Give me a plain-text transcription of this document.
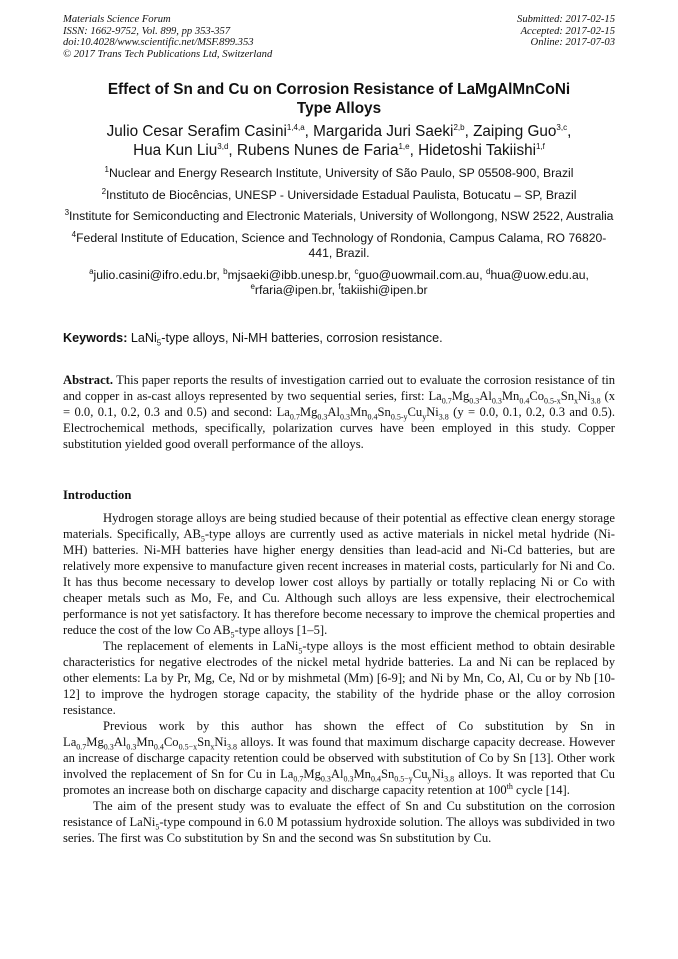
Materials Science Forum
ISSN: 1662-9752, Vol. 899, pp 353-357
doi:10.4028/www.scientific.net/MSF.899.353
© 2017 Trans Tech Publications Ltd, Switzerland
Submitted: 2017-02-15
Accepted: 2017-02-15
Online: 2017-07-03
Effect of Sn and Cu on Corrosion Resistance of LaMgAlMnCoNi
Type Alloys
Julio Cesar Serafim Casini$^{1,4,a}$, Margarida Juri Saeki$^{2,b}$, Zaiping Guo$^{3,c}$,
Hua Kun Liu$^{3,d}$, Rubens Nunes de Faria$^{1,e}$, Hidetoshi Takiishi$^{1,f}$

$^1$Nuclear and Energy Research Institute, University of São Paulo, SP 05508-900, Brazil

$^2$Instituto de Biocências, UNESP - Universidade Estadual Paulista, Botucatu – SP, Brazil

$^3$Institute for Semiconducting and Electronic Materials, University of Wollongong, NSW 2522, Australia

$^4$Federal Institute of Education, Science and Technology of Rondonia, Campus Calama, RO 76820-441, Brazil.

$^a$julio.casini@ifro.edu.br, $^b$mjsaeki@ibb.unesp.br, $^c$guo@uowmail.com.au, $^d$hua@uow.edu.au,
$^e$rfaria@ipen.br, $^f$takiishi@ipen.br

Keywords: LaNi$_5$-type alloys, Ni-MH batteries, corrosion resistance.

Abstract. This paper reports the results of investigation carried out to evaluate the corrosion resistance of tin and copper in as-cast alloys represented by two sequential series, first: $La_{0.7}Mg_{0.3}Al_{0.3}Mn_{0.4}Co_{0.5-x}Sn_xNi_{3.8}$ (x = 0.0, 0.1, 0.2, 0.3 and 0.5) and second: $La_{0.7}Mg_{0.3}Al_{0.3}Mn_{0.4}Sn_{0.5-y}Cu_yNi_{3.8}$ (y = 0.0, 0.1, 0.2, 0.3 and 0.5). Electrochemical methods, specifically, polarization curves have been employed in this study. Copper substitution yielded good overall performance of the alloys.

Introduction

Hydrogen storage alloys are being studied because of their potential as effective clean energy storage materials. Specifically, $AB_5$-type alloys are currently used as active materials in nickel metal hydride (Ni-MH) batteries. Ni-MH batteries have higher energy densities than lead-acid and Ni-Cd batteries, but are relatively more expensive to manufacture given recent increases in material costs, particularly for Ni and Co. It has thus become necessary to develop lower cost alloys by partially or totally replacing Ni or Co with cheaper metals such as Mo, Fe, and Cu. Although such alloys are less expensive, their electrochemical performance is not yet satisfactory. It has therefore become necessary to improve the chemical properties and reduce the cost of the low Co $AB_5$-type alloys [1–5].

The replacement of elements in LaNi$_5$-type alloys is the most efficient method to obtain desirable characteristics for negative electrodes of the nickel metal hydride batteries. La and Ni can be replaced by other elements: La by Pr, Mg, Ce, Nd or by mishmetal (Mm) [6-9]; and Ni by Mn, Co, Al, Cu or by Nb [10-12] to improve the hydrogen storage capacity, the stability of the hydride phase or the alloy corrosion resistance.

Previous work by this author has shown the effect of Co substitution by Sn in $La_{0.7}Mg_{0.3}Al_{0.3}Mn_{0.4}Co_{0.5-x}Sn_xNi_{3.8}$ alloys. It was found that maximum discharge capacity decrease. However an increase of discharge capacity retention could be observed with substitution of Co by Sn [13]. Other work involved the replacement of Sn for Cu in $La_{0.7}Mg_{0.3}Al_{0.3}Mn_{0.4}Sn_{0.5-y}Cu_yNi_{3.8}$ alloys. It was reported that Cu promotes an increase both on discharge capacity and discharge capacity retention at 100th cycle [14].

The aim of the present study was to evaluate the effect of Sn and Cu substitution on the corrosion resistance of LaNi$_5$-type compound in 6.0 M potassium hydroxide solution. The alloys was subdivided in two series. The first was Co substitution by Sn and the second was Sn substitution by Cu.
